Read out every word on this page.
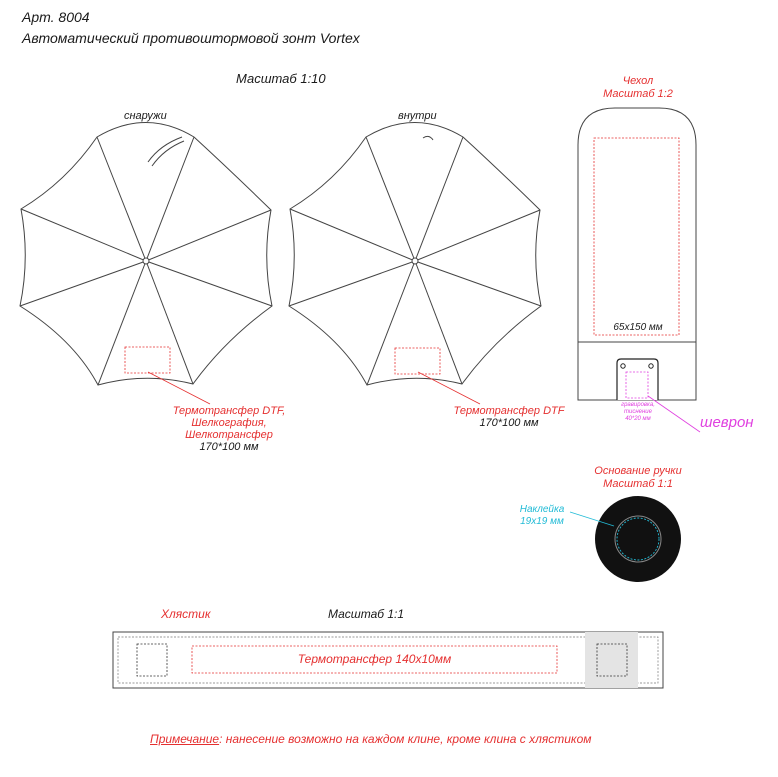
Арт. 8004
Автоматический противоштормовой зонт Vortex
Масштаб 1:10
снаружи	внутри
Термотрансфер DTF,
Шелкография,
Шелкотрансфер
170*100 мм
Термотрансфер DTF
170*100 мм
Чехол
Масштаб 1:2
65х150 мм
гравировка,
тиснение
40*20 мм	шеврон
Основание ручки
Масштаб 1:1
Наклейка
19х19 мм
Хлястик	Масштаб 1:1
Термотрансфер 140х10мм
Примечание: нанесение возможно на каждом клине, кроме клина с хлястиком
